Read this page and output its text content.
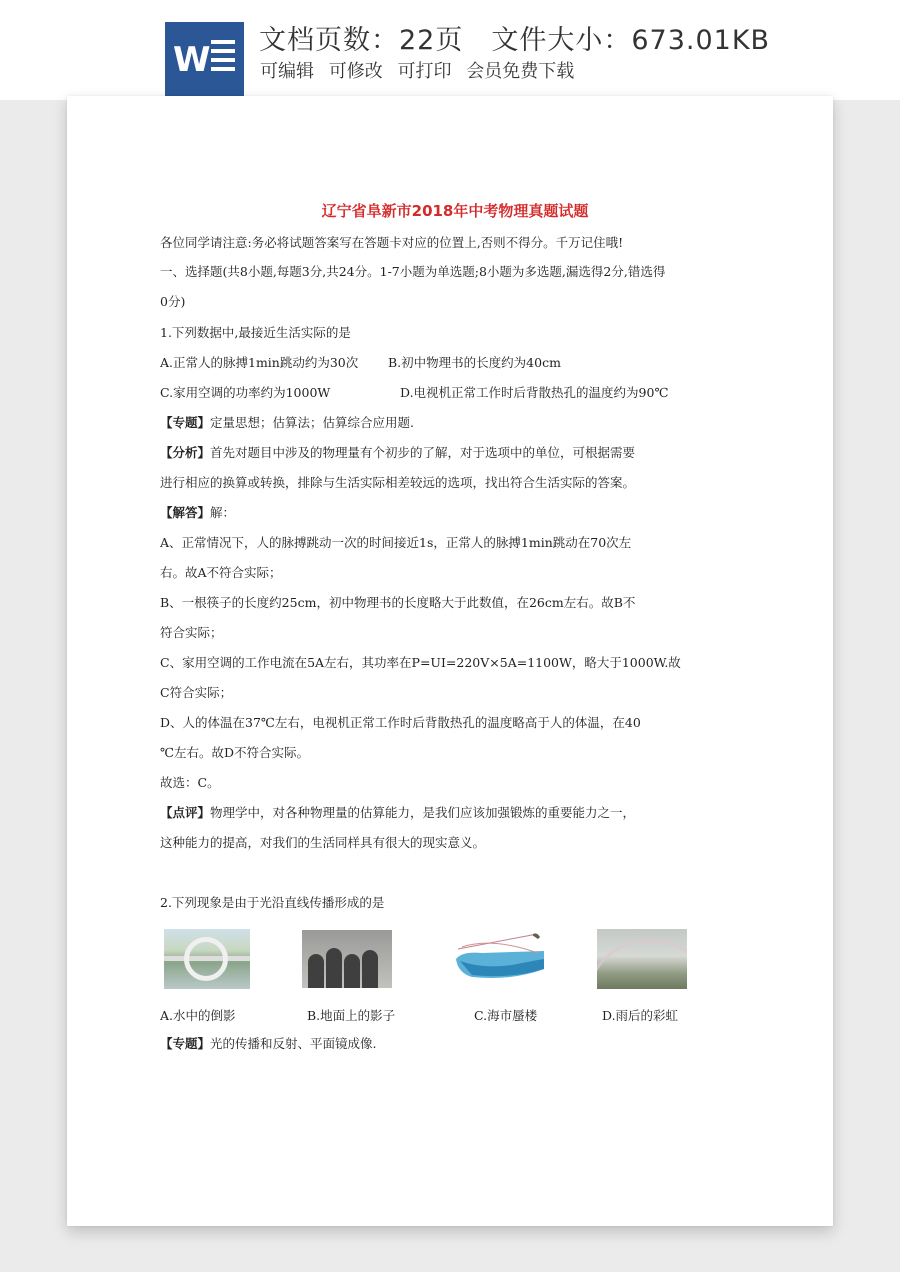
W 文档页数：22页 文件大小：673.01KB
可编辑 可修改 可打印 会员免费下载
辽宁省阜新市2018年中考物理真题试题
各位同学请注意:务必将试题答案写在答题卡对应的位置上,否则不得分。千万记住哦!
一、选择题(共8小题,每题3分,共24分。1-7小题为单选题;8小题为多选题,漏选得2分,错选得
0分)
1.下列数据中,最接近生活实际的是
A.正常人的脉搏1min跳动约为30次 B.初中物理书的长度约为40cm
C.家用空调的功率约为1000W	D.电视机正常工作时后背散热孔的温度约为90℃
【专题】定量思想；估算法；估算综合应用题.
【分析】首先对题目中涉及的物理量有个初步的了解，对于选项中的单位，可根据需要
进行相应的换算或转换，排除与生活实际相差较远的选项，找出符合生活实际的答案。
【解答】解：
A、正常情况下，人的脉搏跳动一次的时间接近1s，正常人的脉搏1min跳动在70次左
右。故A不符合实际；
B、一根筷子的长度约25cm，初中物理书的长度略大于此数值，在26cm左右。故B不
符合实际；
C、家用空调的工作电流在5A左右，其功率在P=UI=220V×5A=1100W，略大于1000W.故
C符合实际；
D、人的体温在37℃左右，电视机正常工作时后背散热孔的温度略高于人的体温，在40
℃左右。故D不符合实际。
故选：C。
【点评】物理学中，对各种物理量的估算能力，是我们应该加强锻炼的重要能力之一，
这种能力的提高，对我们的生活同样具有很大的现实意义。
2.下列现象是由于光沿直线传播形成的是
A.水中的倒影	B.地面上的影子	C.海市蜃楼	D.雨后的彩虹
【专题】光的传播和反射、平面镜成像.
